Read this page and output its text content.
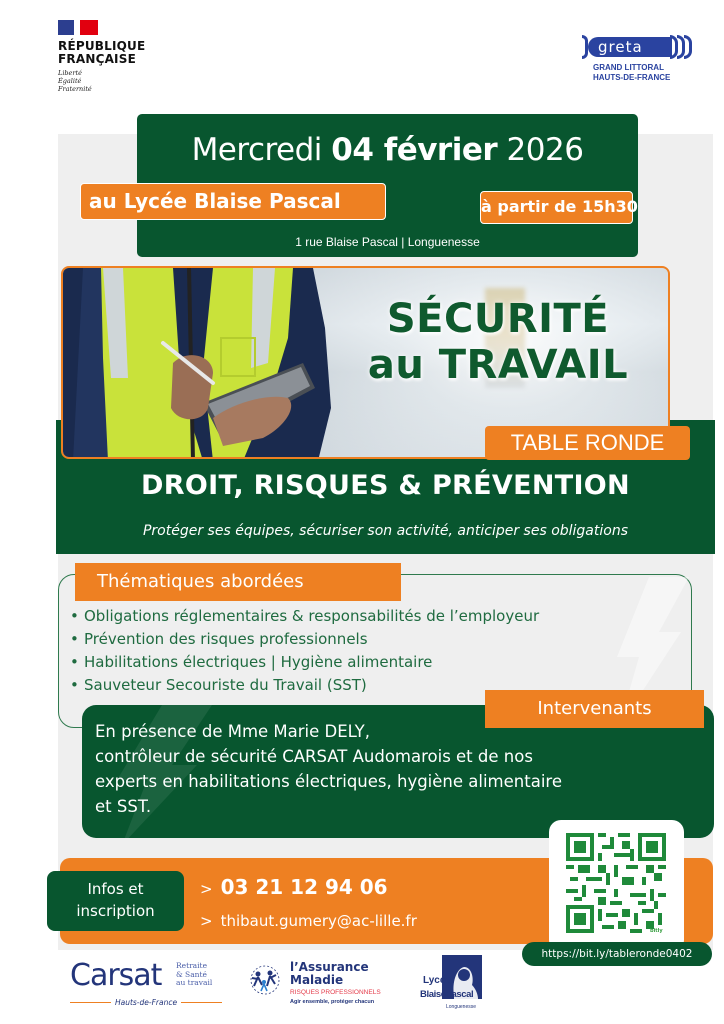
RÉPUBLIQUE
FRANÇAISE
Liberté
Égalité
Fraternité
greta
GRAND LITTORAL
HAUTS-DE-FRANCE
Mercredi 04 février 2026
au Lycée Blaise Pascal	à partir de 15h30
1 rue Blaise Pascal | Longuenesse
SÉCURITÉ
au TRAVAIL
TABLE RONDE
DROIT, RISQUES & PRÉVENTION
Protéger ses équipes, sécuriser son activité, anticiper ses obligations
Thématiques abordées
• Obligations réglementaires & responsabilités de l’employeur
• Prévention des risques professionnels
• Habilitations électriques | Hygiène alimentaire
• Sauveteur Secouriste du Travail (SST)
Intervenants
En présence de Mme Marie DELY,
contrôleur de sécurité CARSAT Audomarois et de nos
experts en habilitations électriques, hygiène alimentaire
et SST.
Infos et
inscription
> 03 21 12 94 06
> thibaut.gumery@ac-lille.fr
bitly
https://bit.ly/tableronde0402
Carsat Retraite
& Santé
au travail
Hauts-de-France
l’Assurance
Maladie
RISQUES PROFESSIONNELS
Agir ensemble, protéger chacun
Lycée
BlaisePascal
Longuenesse
